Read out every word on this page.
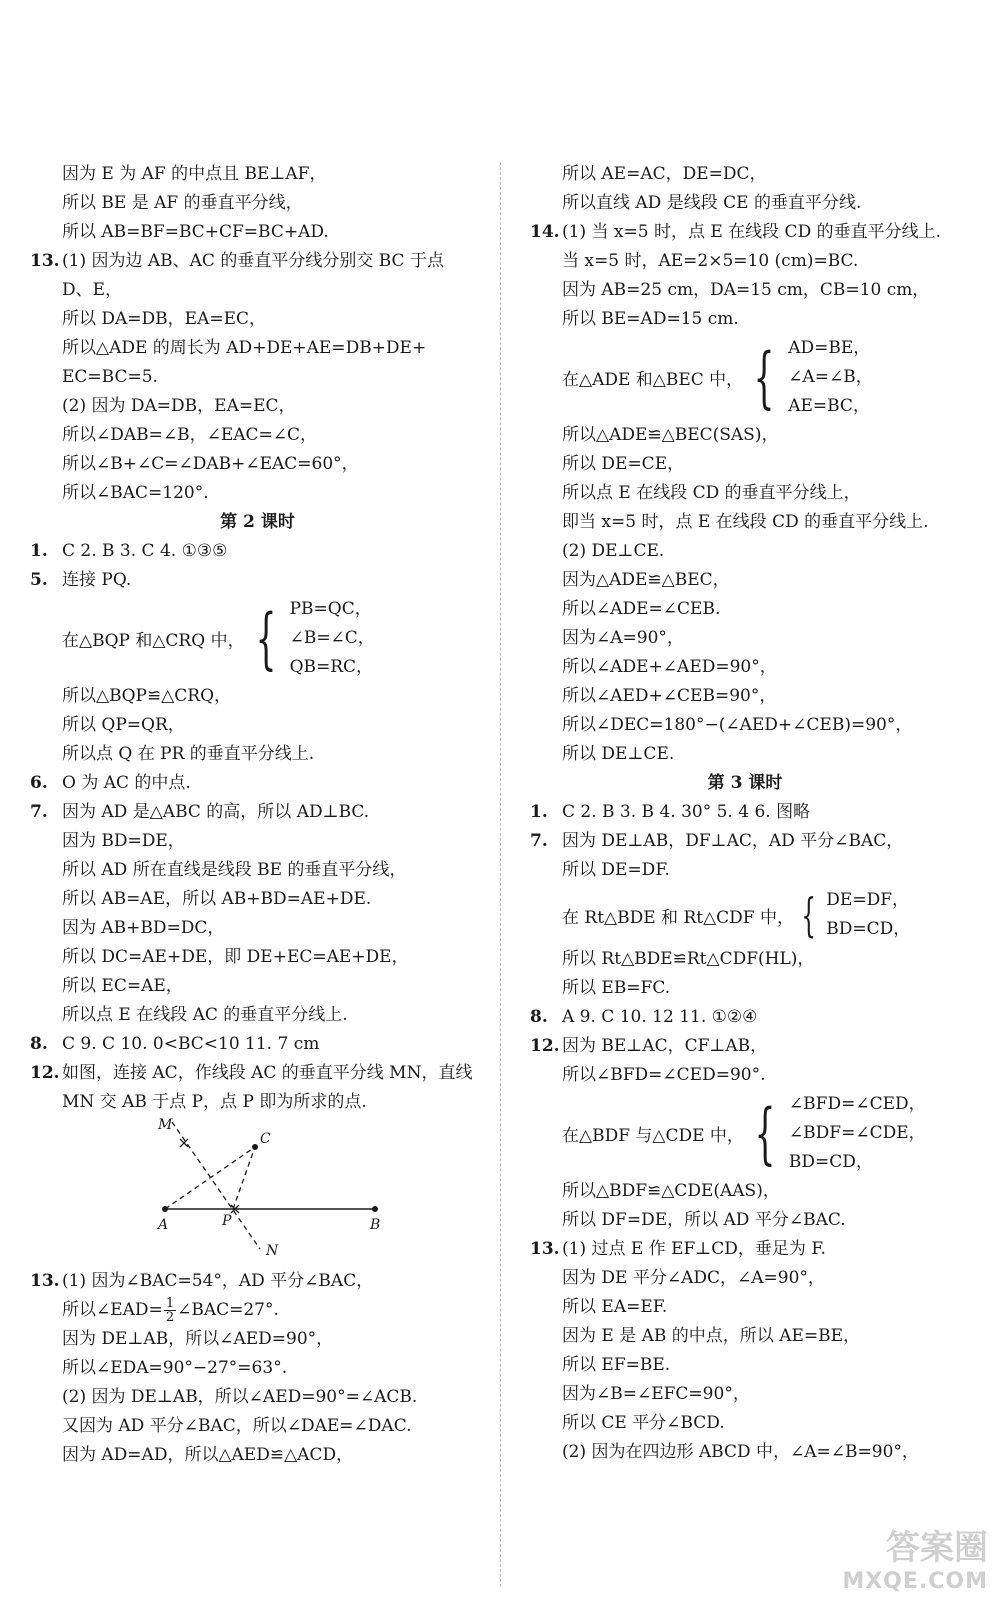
因为 E 为 AF 的中点且 BE⊥AF，
所以 BE 是 AF 的垂直平分线，
所以 AB=BF=BC+CF=BC+AD.
13. (1) 因为边 AB、AC 的垂直平分线分别交 BC 于点
D、E，
所以 DA=DB，EA=EC，
所以△ADE 的周长为 AD+DE+AE=DB+DE+
EC=BC=5.
(2) 因为 DA=DB，EA=EC，
所以∠DAB=∠B，∠EAC=∠C，
所以∠B+∠C=∠DAB+∠EAC=60°，
所以∠BAC=120°.
第 2 课时
1. C 2. B 3. C 4. ①③⑤
5. 连接 PQ.
在△BQP 和△CRQ 中， { PB=QC，
∠B=∠C，
QB=RC，
所以△BQP≌△CRQ，
所以 QP=QR，
所以点 Q 在 PR 的垂直平分线上.
6. O 为 AC 的中点.
7. 因为 AD 是△ABC 的高，所以 AD⊥BC.
因为 BD=DE，
所以 AD 所在直线是线段 BE 的垂直平分线，
所以 AB=AE，所以 AB+BD=AE+DE.
因为 AB+BD=DC，
所以 DC=AE+DE，即 DE+EC=AE+DE，
所以 EC=AE，
所以点 E 在线段 AC 的垂直平分线上.
8. C 9. C 10. 0<BC<10 11. 7 cm
12. 如图，连接 AC，作线段 AC 的垂直平分线 MN，直线
MN 交 AB 于点 P，点 P 即为所求的点.
M
C
A	P
N
B
13. (1) 因为∠BAC=54°，AD 平分∠BAC，
所以∠EAD= $\frac{1}{2}$ ∠BAC=27°.
因为 DE⊥AB，所以∠AED=90°，
所以∠EDA=90°−27°=63°.
(2) 因为 DE⊥AB，所以∠AED=90°=∠ACB.
又因为 AD 平分∠BAC，所以∠DAE=∠DAC.
因为 AD=AD，所以△AED≌△ACD，
所以 AE=AC，DE=DC，
所以直线 AD 是线段 CE 的垂直平分线.
14. (1) 当 x=5 时，点 E 在线段 CD 的垂直平分线上.
当 x=5 时，AE=2×5=10 (cm)=BC.
因为 AB=25 cm，DA=15 cm，CB=10 cm，
所以 BE=AD=15 cm.
在△ADE 和△BEC 中， { AD=BE，
∠A=∠B，
AE=BC，
所以△ADE≌△BEC(SAS)，
所以 DE=CE，
所以点 E 在线段 CD 的垂直平分线上，
即当 x=5 时，点 E 在线段 CD 的垂直平分线上.
(2) DE⊥CE.
因为△ADE≌△BEC，
所以∠ADE=∠CEB.
因为∠A=90°，
所以∠ADE+∠AED=90°，
所以∠AED+∠CEB=90°，
所以∠DEC=180°−(∠AED+∠CEB)=90°，
所以 DE⊥CE.
第 3 课时
1. C 2. B 3. B 4. 30° 5. 4 6. 图略
7. 因为 DE⊥AB，DF⊥AC，AD 平分∠BAC，
所以 DE=DF.
在 Rt△BDE 和 Rt△CDF 中， { DE=DF，
BD=CD，
所以 Rt△BDE≌Rt△CDF(HL)，
所以 EB=FC.
8. A 9. C 10. 12 11. ①②④
12. 因为 BE⊥AC，CF⊥AB，
所以∠BFD=∠CED=90°.
在△BDF 与△CDE 中， { ∠BFD=∠CED，
∠BDF=∠CDE，
BD=CD，
所以△BDF≌△CDE(AAS)，
所以 DF=DE，所以 AD 平分∠BAC.
13. (1) 过点 E 作 EF⊥CD，垂足为 F.
因为 DE 平分∠ADC，∠A=90°，
所以 EA=EF.
因为 E 是 AB 的中点，所以 AE=BE，
所以 EF=BE.
因为∠B=∠EFC=90°，
所以 CE 平分∠BCD.
(2) 因为在四边形 ABCD 中，∠A=∠B=90°，
答案圈
MXQE.COM
